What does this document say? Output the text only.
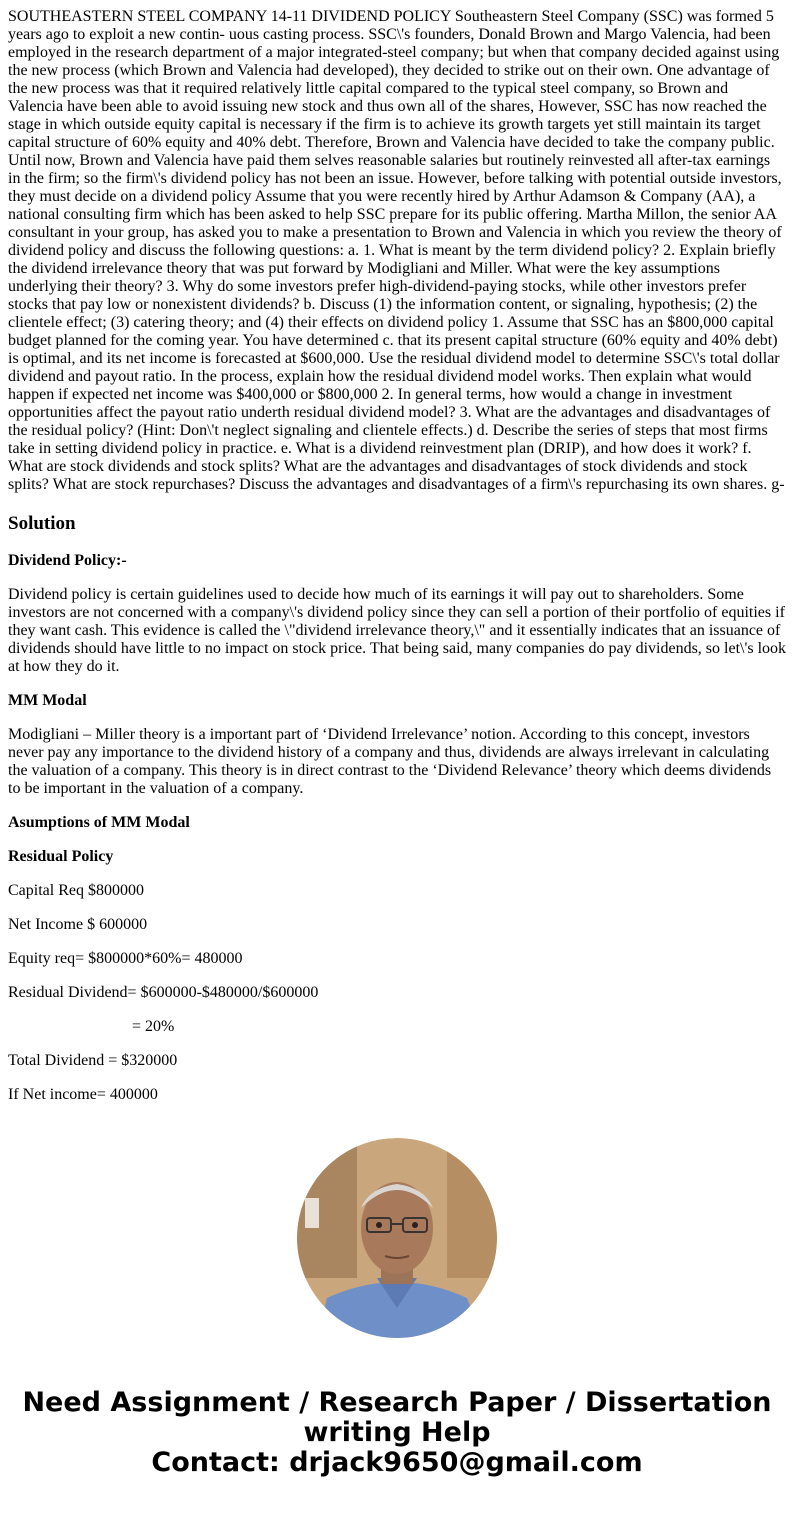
SOUTHEASTERN STEEL COMPANY 14-11 DIVIDEND POLICY Southeastern Steel Company (SSC) was formed 5 years ago to exploit a new contin- uous casting process. SSC\'s founders, Donald Brown and Margo Valencia, had been employed in the research department of a major integrated-steel company; but when that company decided against using the new process (which Brown and Valencia had developed), they decided to strike out on their own. One advantage of the new process was that it required relatively little capital compared to the typical steel company, so Brown and Valencia have been able to avoid issuing new stock and thus own all of the shares, However, SSC has now reached the stage in which outside equity capital is necessary if the firm is to achieve its growth targets yet still maintain its target capital structure of 60% equity and 40% debt. Therefore, Brown and Valencia have decided to take the company public. Until now, Brown and Valencia have paid them selves reasonable salaries but routinely reinvested all after-tax earnings in the firm; so the firm\'s dividend policy has not been an issue. However, before talking with potential outside investors, they must decide on a dividend policy Assume that you were recently hired by Arthur Adamson & Company (AA), a national consulting firm which has been asked to help SSC prepare for its public offering. Martha Millon, the senior AA consultant in your group, has asked you to make a presentation to Brown and Valencia in which you review the theory of dividend policy and discuss the following questions: a. 1. What is meant by the term dividend policy? 2. Explain briefly the dividend irrelevance theory that was put forward by Modigliani and Miller. What were the key assumptions underlying their theory? 3. Why do some investors prefer high-dividend-paying stocks, while other investors prefer stocks that pay low or nonexistent dividends? b. Discuss (1) the information content, or signaling, hypothesis; (2) the clientele effect; (3) catering theory; and (4) their effects on dividend policy 1. Assume that SSC has an $800,000 capital budget planned for the coming year. You have determined c. that its present capital structure (60% equity and 40% debt) is optimal, and its net income is forecasted at $600,000. Use the residual dividend model to determine SSC\'s total dollar dividend and payout ratio. In the process, explain how the residual dividend model works. Then explain what would happen if expected net income was $400,000 or $800,000 2. In general terms, how would a change in investment opportunities affect the payout ratio underth residual dividend model? 3. What are the advantages and disadvantages of the residual policy? (Hint: Don\'t neglect signaling and clientele effects.) d. Describe the series of steps that most firms take in setting dividend policy in practice. e. What is a dividend reinvestment plan (DRIP), and how does it work? f. What are stock dividends and stock splits? What are the advantages and disadvantages of stock dividends and stock splits? What are stock repurchases? Discuss the advantages and disadvantages of a firm\'s repurchasing its own shares. g-

Solution

Dividend Policy:-

Dividend policy is certain guidelines used to decide how much of its earnings it will pay out to shareholders. Some investors are not concerned with a company\'s dividend policy since they can sell a portion of their portfolio of equities if they want cash. This evidence is called the \"dividend irrelevance theory,\" and it essentially indicates that an issuance of dividends should have little to no impact on stock price. That being said, many companies do pay dividends, so let\'s look at how they do it.

MM Modal

Modigliani – Miller theory is a important part of ‘Dividend Irrelevance’ notion. According to this concept, investors never pay any importance to the dividend history of a company and thus, dividends are always irrelevant in calculating the valuation of a company. This theory is in direct contrast to the ‘Dividend Relevance’ theory which deems dividends to be important in the valuation of a company.

Asumptions of MM Modal

Residual Policy

Capital Req $800000

Net Income $ 600000

Equity req= $800000*60%= 480000

Residual Dividend= $600000-$480000/$600000

= 20%

Total Dividend = $320000

If Net income= 400000

Need Assignment / Research Paper / Dissertation
writing Help
Contact: drjack9650@gmail.com
